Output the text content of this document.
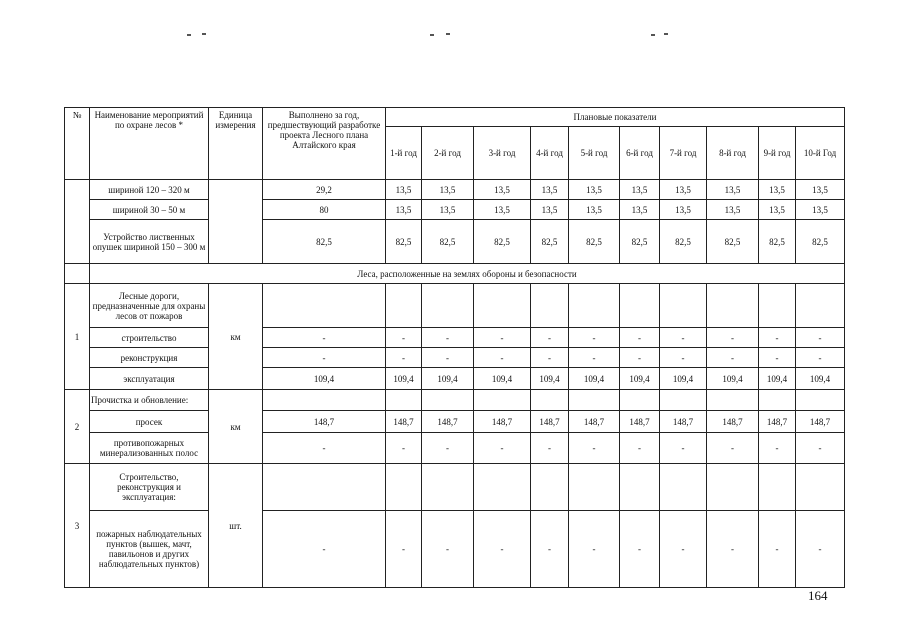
№	Наименование мероприятий по охране лесов *	Единица измерения	Выполнено за год, предшествующий разработке проекта Лесного плана Алтайского края	Плановые показатели									
				1-й год	2-й год	3-й год	4-й год	5-й год	6-й год	7-й год	8-й год	9-й год	10-й Год
	шириной 120 – 320 м		29,2	13,5	13,5	13,5	13,5	13,5	13,5	13,5	13,5	13,5	13,5
	шириной 30 – 50 м		80	13,5	13,5	13,5	13,5	13,5	13,5	13,5	13,5	13,5	13,5
	Устройство лиственных опушек шириной 150 – 300 м		82,5	82,5	82,5	82,5	82,5	82,5	82,5	82,5	82,5	82,5	82,5
	Леса, расположенные на землях обороны и безопасности												
1	Лесные дороги, предназначенные для охраны лесов от пожаров	км											
	строительство		-	-	-	-	-	-	-	-	-	-	-
	реконструкция		-	-	-	-	-	-	-	-	-	-	-
	эксплуатация		109,4	109,4	109,4	109,4	109,4	109,4	109,4	109,4	109,4	109,4	109,4
2	Прочистка и обновление:	км											
	просек		148,7	148,7	148,7	148,7	148,7	148,7	148,7	148,7	148,7	148,7	148,7
	противопожарных минерализованных полос		-	-	-	-	-	-	-	-	-	-	-
3	Строительство, реконструкция и эксплуатация:	шт.											
	пожарных наблюдательных пунктов (вышек, мачт, павильонов и других наблюдательных пунктов)		-	-	-	-	-	-	-	-	-	-	-
164
